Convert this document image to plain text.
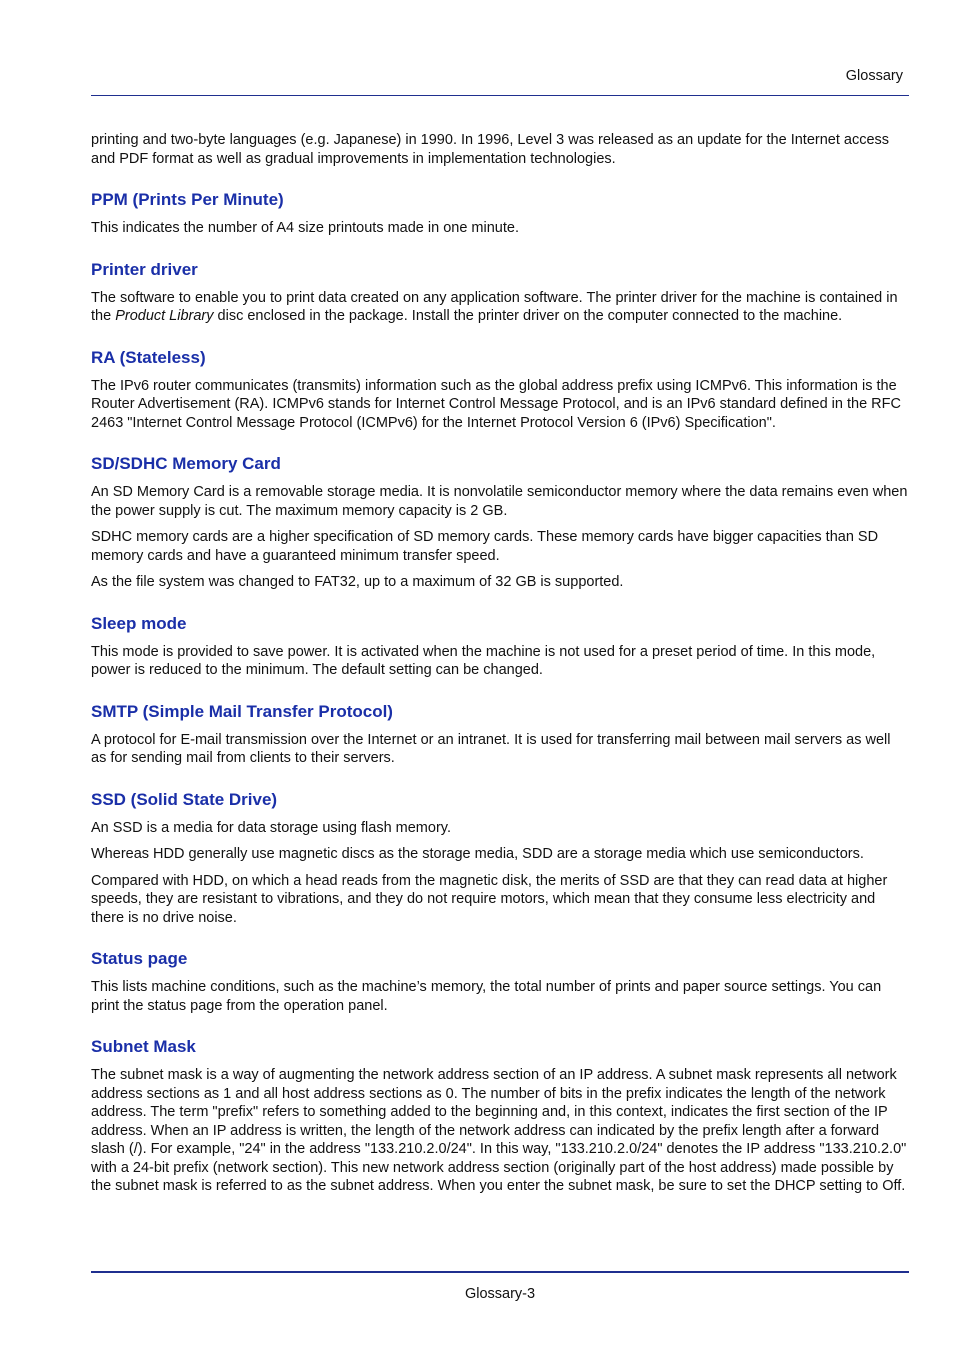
Glossary

printing and two-byte languages (e.g. Japanese) in 1990. In 1996, Level 3 was released as an update for the Internet access and PDF format as well as gradual improvements in implementation technologies.

PPM (Prints Per Minute)

This indicates the number of A4 size printouts made in one minute.

Printer driver

The software to enable you to print data created on any application software. The printer driver for the machine is contained in the Product Library disc enclosed in the package. Install the printer driver on the computer connected to the machine.

RA (Stateless)

The IPv6 router communicates (transmits) information such as the global address prefix using ICMPv6. This information is the Router Advertisement (RA). ICMPv6 stands for Internet Control Message Protocol, and is an IPv6 standard defined in the RFC 2463 "Internet Control Message Protocol (ICMPv6) for the Internet Protocol Version 6 (IPv6) Specification".

SD/SDHC Memory Card

An SD Memory Card is a removable storage media. It is nonvolatile semiconductor memory where the data remains even when the power supply is cut. The maximum memory capacity is 2 GB.

SDHC memory cards are a higher specification of SD memory cards. These memory cards have bigger capacities than SD memory cards and have a guaranteed minimum transfer speed.

As the file system was changed to FAT32, up to a maximum of 32 GB is supported.

Sleep mode

This mode is provided to save power. It is activated when the machine is not used for a preset period of time. In this mode, power is reduced to the minimum. The default setting can be changed.

SMTP (Simple Mail Transfer Protocol)

A protocol for E-mail transmission over the Internet or an intranet. It is used for transferring mail between mail servers as well as for sending mail from clients to their servers.

SSD (Solid State Drive)

An SSD is a media for data storage using flash memory.

Whereas HDD generally use magnetic discs as the storage media, SDD are a storage media which use semiconductors.

Compared with HDD, on which a head reads from the magnetic disk, the merits of SSD are that they can read data at higher speeds, they are resistant to vibrations, and they do not require motors, which mean that they consume less electricity and there is no drive noise.

Status page

This lists machine conditions, such as the machine’s memory, the total number of prints and paper source settings. You can print the status page from the operation panel.

Subnet Mask

The subnet mask is a way of augmenting the network address section of an IP address. A subnet mask represents all network address sections as 1 and all host address sections as 0. The number of bits in the prefix indicates the length of the network address. The term "prefix" refers to something added to the beginning and, in this context, indicates the first section of the IP address. When an IP address is written, the length of the network address can indicated by the prefix length after a forward slash (/). For example, "24" in the address "133.210.2.0/24". In this way, "133.210.2.0/24" denotes the IP address "133.210.2.0" with a 24-bit prefix (network section). This new network address section (originally part of the host address) made possible by the subnet mask is referred to as the subnet address. When you enter the subnet mask, be sure to set the DHCP setting to Off.

Glossary-3
